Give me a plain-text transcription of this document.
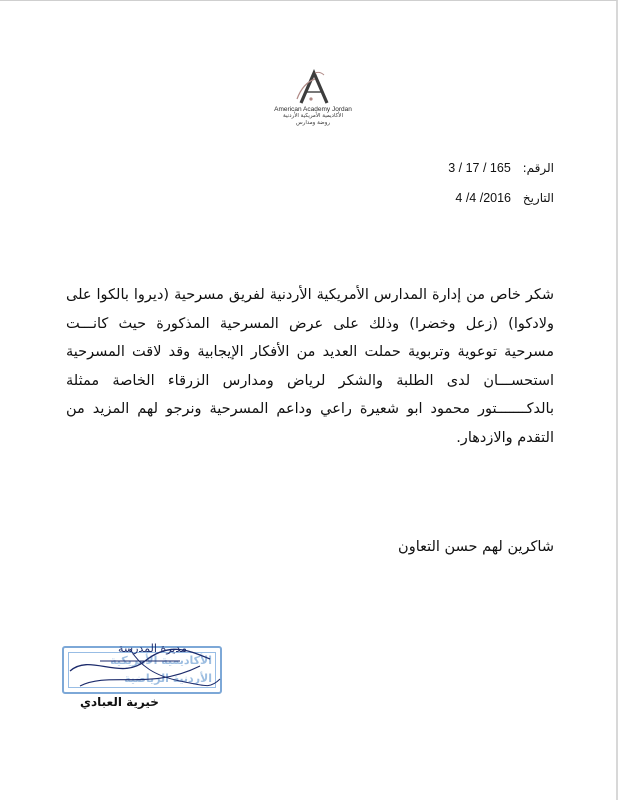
American Academy Jordan
الأكاديمية الأمريكية الأردنية
روضة ومدارس
الرقم: 3 / 17 / 165
التاريخ 4 /4 /2016

شكر خاص من إدارة المدارس الأمريكية الأردنية لفريق مسرحية (ديروا بالكوا على ولادكوا) (زعل وخضرا) وذلك على عرض المسرحية المذكورة حيث كانـــت مسرحية توعوية وتربوية حملت العديد من الأفكار الإيجابية وقد لاقت المسرحية استحســـان لدى الطلبة والشكر لرياض ومدارس الزرقاء الخاصة ممثلة بالدكـــــــتور محمود ابو شعيرة راعي وداعم المسرحية ونرجو لهم المزيد من التقدم والازدهار.

شاكرين لهم حسن التعاون
الأكاديمية الأمريكية
الأردنية الرياضية
مديرة المدرسة
خيرية العبادي
